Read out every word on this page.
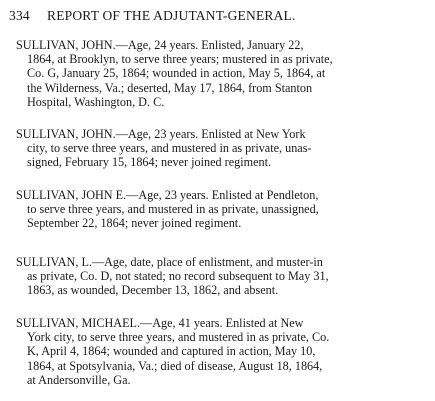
334 REPORT OF THE ADJUTANT-GENERAL.
SULLIVAN, JOHN.—Age, 24 years. Enlisted, January 22,
1864, at Brooklyn, to serve three years; mustered in as private,
Co. G, January 25, 1864; wounded in action, May 5, 1864, at
the Wilderness, Va.; deserted, May 17, 1864, from Stanton
Hospital, Washington, D. C.
SULLIVAN, JOHN.—Age, 23 years. Enlisted at New York
city, to serve three years, and mustered in as private, unas-
signed, February 15, 1864; never joined regiment.
SULLIVAN, JOHN E.—Age, 23 years. Enlisted at Pendleton,
to serve three years, and mustered in as private, unassigned,
September 22, 1864; never joined regiment.
SULLIVAN, L.—Age, date, place of enlistment, and muster-in
as private, Co. D, not stated; no record subsequent to May 31,
1863, as wounded, December 13, 1862, and absent.
SULLIVAN, MICHAEL.—Age, 41 years. Enlisted at New
York city, to serve three years, and mustered in as private, Co.
K, April 4, 1864; wounded and captured in action, May 10,
1864, at Spotsylvania, Va.; died of disease, August 18, 1864,
at Andersonville, Ga.
